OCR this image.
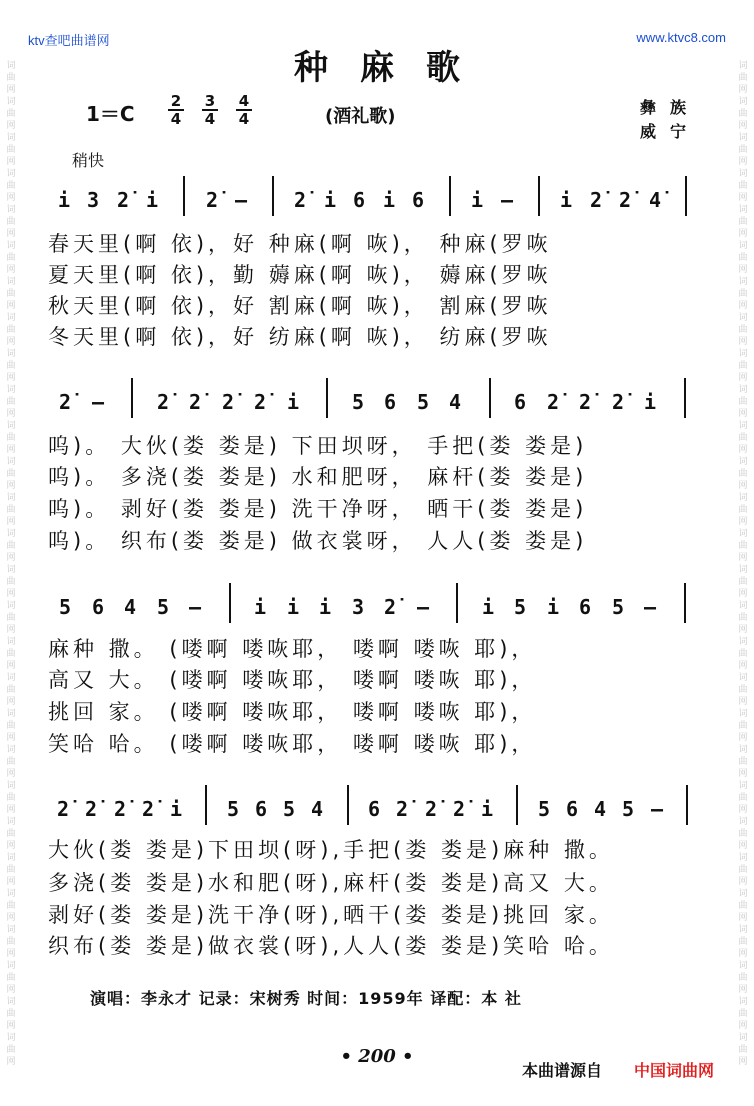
ktv查吧曲谱网	www.ktvc8.com
词
曲
网
词
曲
网
词
曲
网
词
曲
网
词
曲
网
词
曲
网
词
曲
网
词
曲
网
词
曲
网
词
曲
网
词
曲
网
词
曲
网
词
曲
网
词
曲
网
词
曲
网
词
曲
网
词
曲
网
词
曲
网
词
曲
网
词
曲
网
词
曲
网
词
曲
网
词
曲
网
词
曲
网
词
曲
网
词
曲
网
词
曲
网
词
曲
网
词
曲
网
词
曲
网
词
曲
网
词
曲
网
词
曲
网
词
曲
网
词
曲
网
词
曲
网
词
曲
网
词
曲
网
词
曲
网
词
曲
网
词
曲
网
词
曲
网
词
曲
网
词
曲
网
词
曲
网
词
曲
网
词
曲
网
词
曲
网
词
曲
网
词
曲
网
词
曲
网
词
曲
网
词
曲
网
词
曲
网
词
曲
网
词
曲
网
种麻歌
1＝C
2
4
3
4
4
4	(酒礼歌)	彝族
威宁
稍快
i 3 2̇ i 2̇ — 2̇ i 6 i 6 i — i 2̇ 2̇ 4̇
春天里(啊 依)，好 种麻(啊 咴)， 种麻(罗咴
夏天里(啊 依)，勤 薅麻(啊 咴)， 薅麻(罗咴
秋天里(啊 依)，好 割麻(啊 咴)， 割麻(罗咴
冬天里(啊 依)，好 纺麻(啊 咴)， 纺麻(罗咴
2̇ —	2̇ 2̇ 2̇ 2̇ i	5 6 5 4	6 2̇ 2̇ 2̇ i
呜)。 大伙(娄 娄是) 下田坝呀， 手把(娄 娄是)
呜)。 多浇(娄 娄是) 水和肥呀， 麻杆(娄 娄是)
呜)。 剥好(娄 娄是) 洗干净呀， 晒干(娄 娄是)
呜)。 织布(娄 娄是) 做衣裳呀， 人人(娄 娄是)
5 6 4 5 —	i i i 3 2̇ —	i 5 i 6 5 —
麻种 撒。 (喽啊 喽咴耶， 喽啊 喽咴 耶)，
高又 大。 (喽啊 喽咴耶， 喽啊 喽咴 耶)，
挑回 家。 (喽啊 喽咴耶， 喽啊 喽咴 耶)，
笑哈 哈。 (喽啊 喽咴耶， 喽啊 喽咴 耶)，
2̇ 2̇ 2̇ 2̇ i 5 6 5 4 6 2̇ 2̇ 2̇ i 5 6 4 5 —
大伙(娄 娄是)下田坝(呀),手把(娄 娄是)麻种 撒。
多浇(娄 娄是)水和肥(呀),麻杆(娄 娄是)高又 大。
剥好(娄 娄是)洗干净(呀),晒干(娄 娄是)挑回 家。
织布(娄 娄是)做衣裳(呀),人人(娄 娄是)笑哈 哈。
演唱：李永才 记录：宋树秀 时间：1959年 译配：本 社
• 200 •
本曲谱源自 中国词曲网
